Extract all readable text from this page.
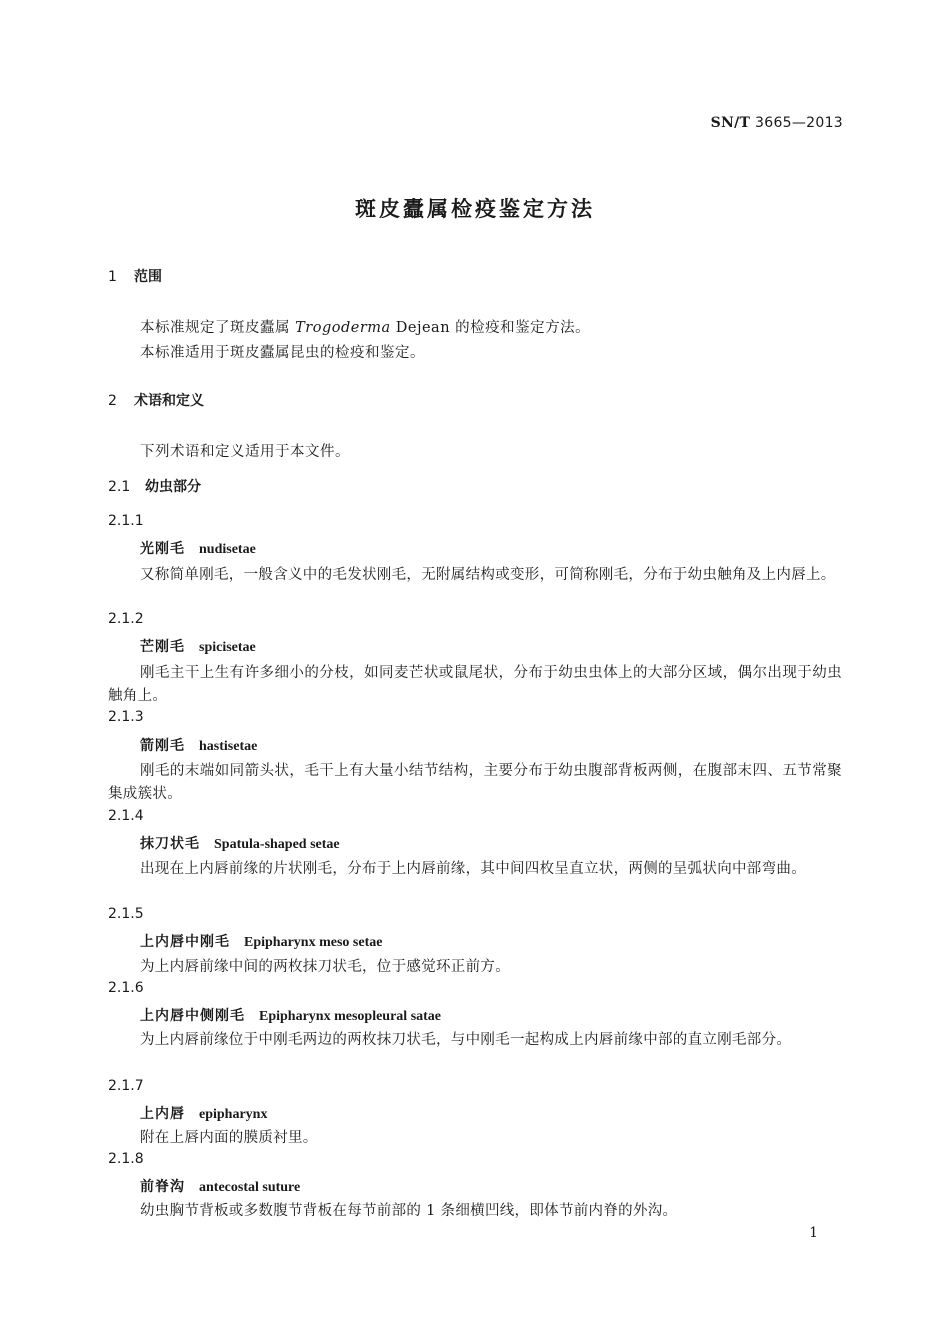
SN/T 3665—2013
斑皮蠹属检疫鉴定方法
1 范围
本标准规定了斑皮蠹属 Trogoderma Dejean 的检疫和鉴定方法。
本标准适用于斑皮蠹属昆虫的检疫和鉴定。
2 术语和定义
下列术语和定义适用于本文件。
2.1 幼虫部分
2.1.1
光刚毛 nudisetae

又称简单刚毛，一般含义中的毛发状刚毛，无附属结构或变形，可简称刚毛，分布于幼虫触角及上内唇上。

2.1.2
芒刚毛 spicisetae

刚毛主干上生有许多细小的分枝，如同麦芒状或鼠尾状，分布于幼虫虫体上的大部分区域，偶尔出现于幼虫触角上。

2.1.3
箭刚毛 hastisetae

刚毛的末端如同箭头状，毛干上有大量小结节结构，主要分布于幼虫腹部背板两侧，在腹部末四、五节常聚集成簇状。

2.1.4
抹刀状毛 Spatula-shaped setae

出现在上内唇前缘的片状刚毛，分布于上内唇前缘，其中间四枚呈直立状，两侧的呈弧状向中部弯曲。

2.1.5
上内唇中刚毛 Epipharynx meso setae

为上内唇前缘中间的两枚抹刀状毛，位于感觉环正前方。

2.1.6
上内唇中侧刚毛 Epipharynx mesopleural satae

为上内唇前缘位于中刚毛两边的两枚抹刀状毛，与中刚毛一起构成上内唇前缘中部的直立刚毛部分。

2.1.7
上内唇 epipharynx

附在上唇内面的膜质衬里。

2.1.8
前脊沟 antecostal suture

幼虫胸节背板或多数腹节背板在每节前部的 1 条细横凹线，即体节前内脊的外沟。

1
